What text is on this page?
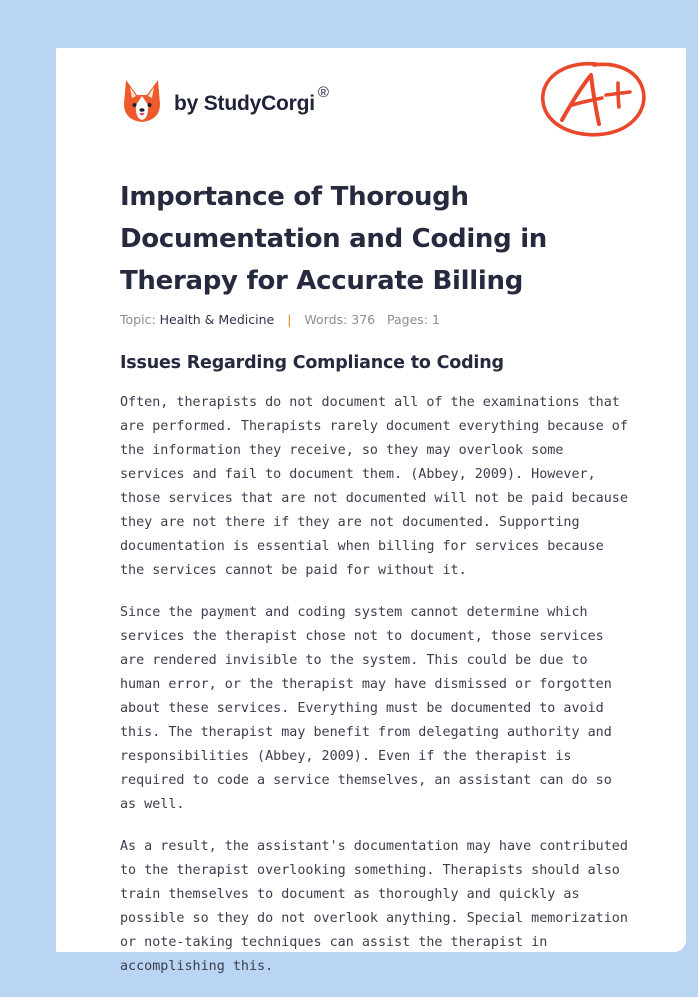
by StudyCorgi ®
Importance of Thorough Documentation and Coding in Therapy for Accurate Billing
Topic: Health & Medicine | Words: 376 Pages: 1
Issues Regarding Compliance to Coding

Often, therapists do not document all of the examinations that are performed. Therapists rarely document everything because of the information they receive, so they may overlook some services and fail to document them. (Abbey, 2009). However, those services that are not documented will not be paid because they are not there if they are not documented. Supporting documentation is essential when billing for services because the services cannot be paid for without it.

Since the payment and coding system cannot determine which services the therapist chose not to document, those services are rendered invisible to the system. This could be due to human error, or the therapist may have dismissed or forgotten about these services. Everything must be documented to avoid this. The therapist may benefit from delegating authority and responsibilities (Abbey, 2009). Even if the therapist is required to code a service themselves, an assistant can do so as well.

As a result, the assistant's documentation may have contributed to the therapist overlooking something. Therapists should also train themselves to document as thoroughly and quickly as possible so they do not overlook anything. Special memorization or note-taking techniques can assist the therapist in accomplishing this.
